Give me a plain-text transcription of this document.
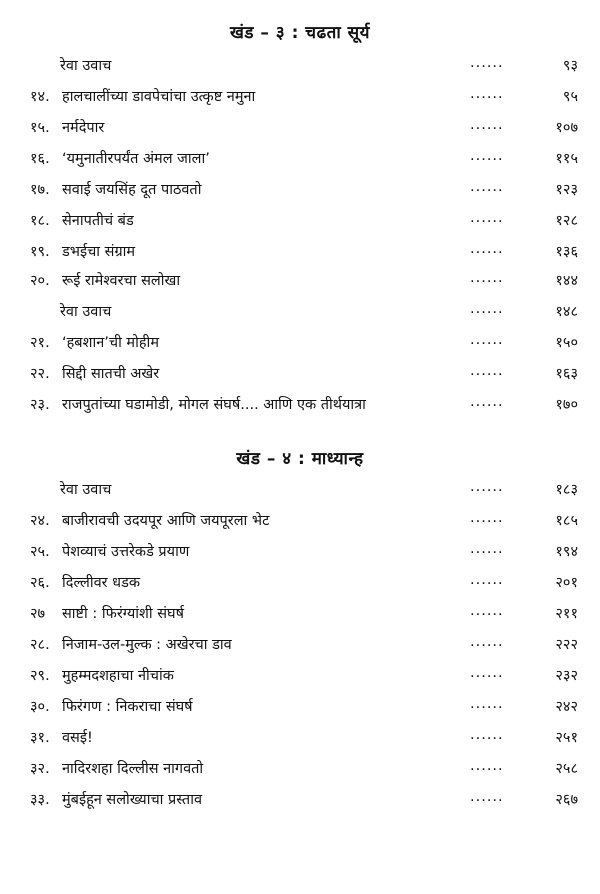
खंड – ३ : चढता सूर्य
रेवा उवाच	......	९३
१४. हालचालींच्या डावपेचांचा उत्कृष्ट नमुना	......	९५
१५. नर्मदेपार	......	१०७
१६. ‘यमुनातीरपर्यंत अंमल जाला’	......	११५
१७. सवाई जयसिंह दूत पाठवतो	......	१२३
१८. सेनापतीचं बंड	......	१२८
१९. डभईचा संग्राम	......	१३६
२०. रूई रामेश्वरचा सलोखा	......	१४४
रेवा उवाच	......	१४८
२१. ‘हबशान’ची मोहीम	......	१५०
२२. सिद्दी सातची अखेर	......	१६३
२३. राजपुतांच्या घडामोडी, मोगल संघर्ष.... आणि एक तीर्थयात्रा	......	१७०
खंड – ४ : माध्यान्ह
रेवा उवाच	......	१८३
२४. बाजीरावची उदयपूर आणि जयपूरला भेट	......	१८५
२५. पेशव्याचं उत्तरेकडे प्रयाण	......	१९४
२६. दिल्लीवर धडक	......	२०१
२७ साष्टी : फिरंग्यांशी संघर्ष	......	२११
२८. निजाम-उल-मुल्क : अखेरचा डाव	......	२२२
२९. मुहम्मदशहाचा नीचांक	......	२३२
३०. फिरंगण : निकराचा संघर्ष	......	२४२
३१. वसई!	......	२५१
३२. नादिरशहा दिल्लीस नागवतो	......	२५८
३३. मुंबईहून सलोख्याचा प्रस्ताव	......	२६७
